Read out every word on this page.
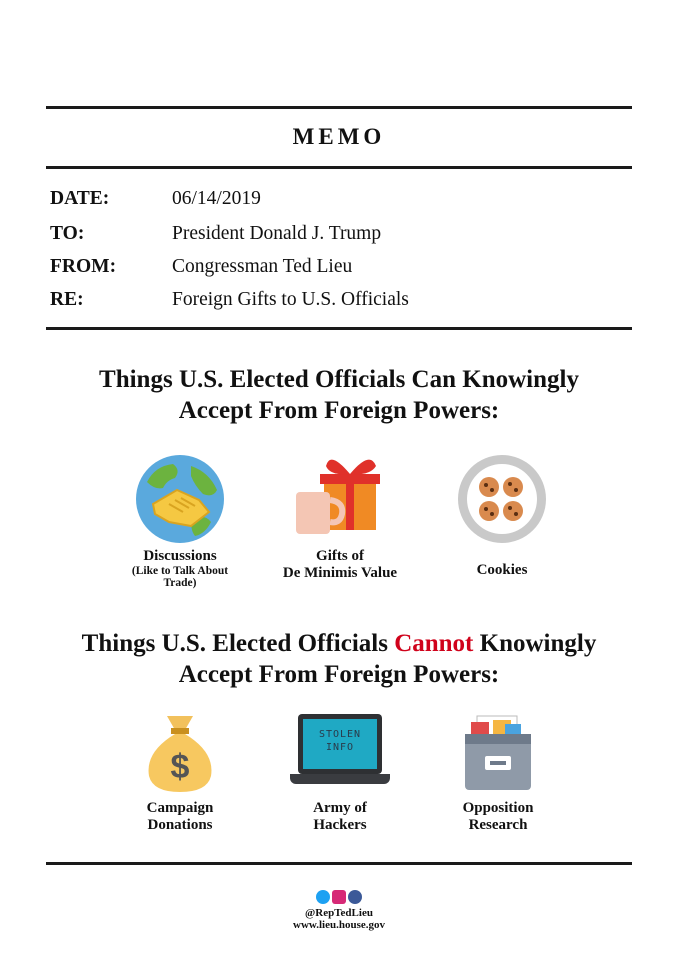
MEMO
DATE:	06/14/2019
TO:	President Donald J. Trump
FROM:	Congressman Ted Lieu
RE:	Foreign Gifts to U.S. Officials
Things U.S. Elected Officials Can Knowingly
Accept From Foreign Powers:
Discussions
(Like to Talk About
Trade)
Gifts of
De Minimis Value	Cookies
Things U.S. Elected Officials Cannot Knowingly
Accept From Foreign Powers:
$
Campaign
Donations
STOLEN
INFO
Army of
Hackers
Opposition
Research
@RepTedLieu
www.lieu.house.gov
